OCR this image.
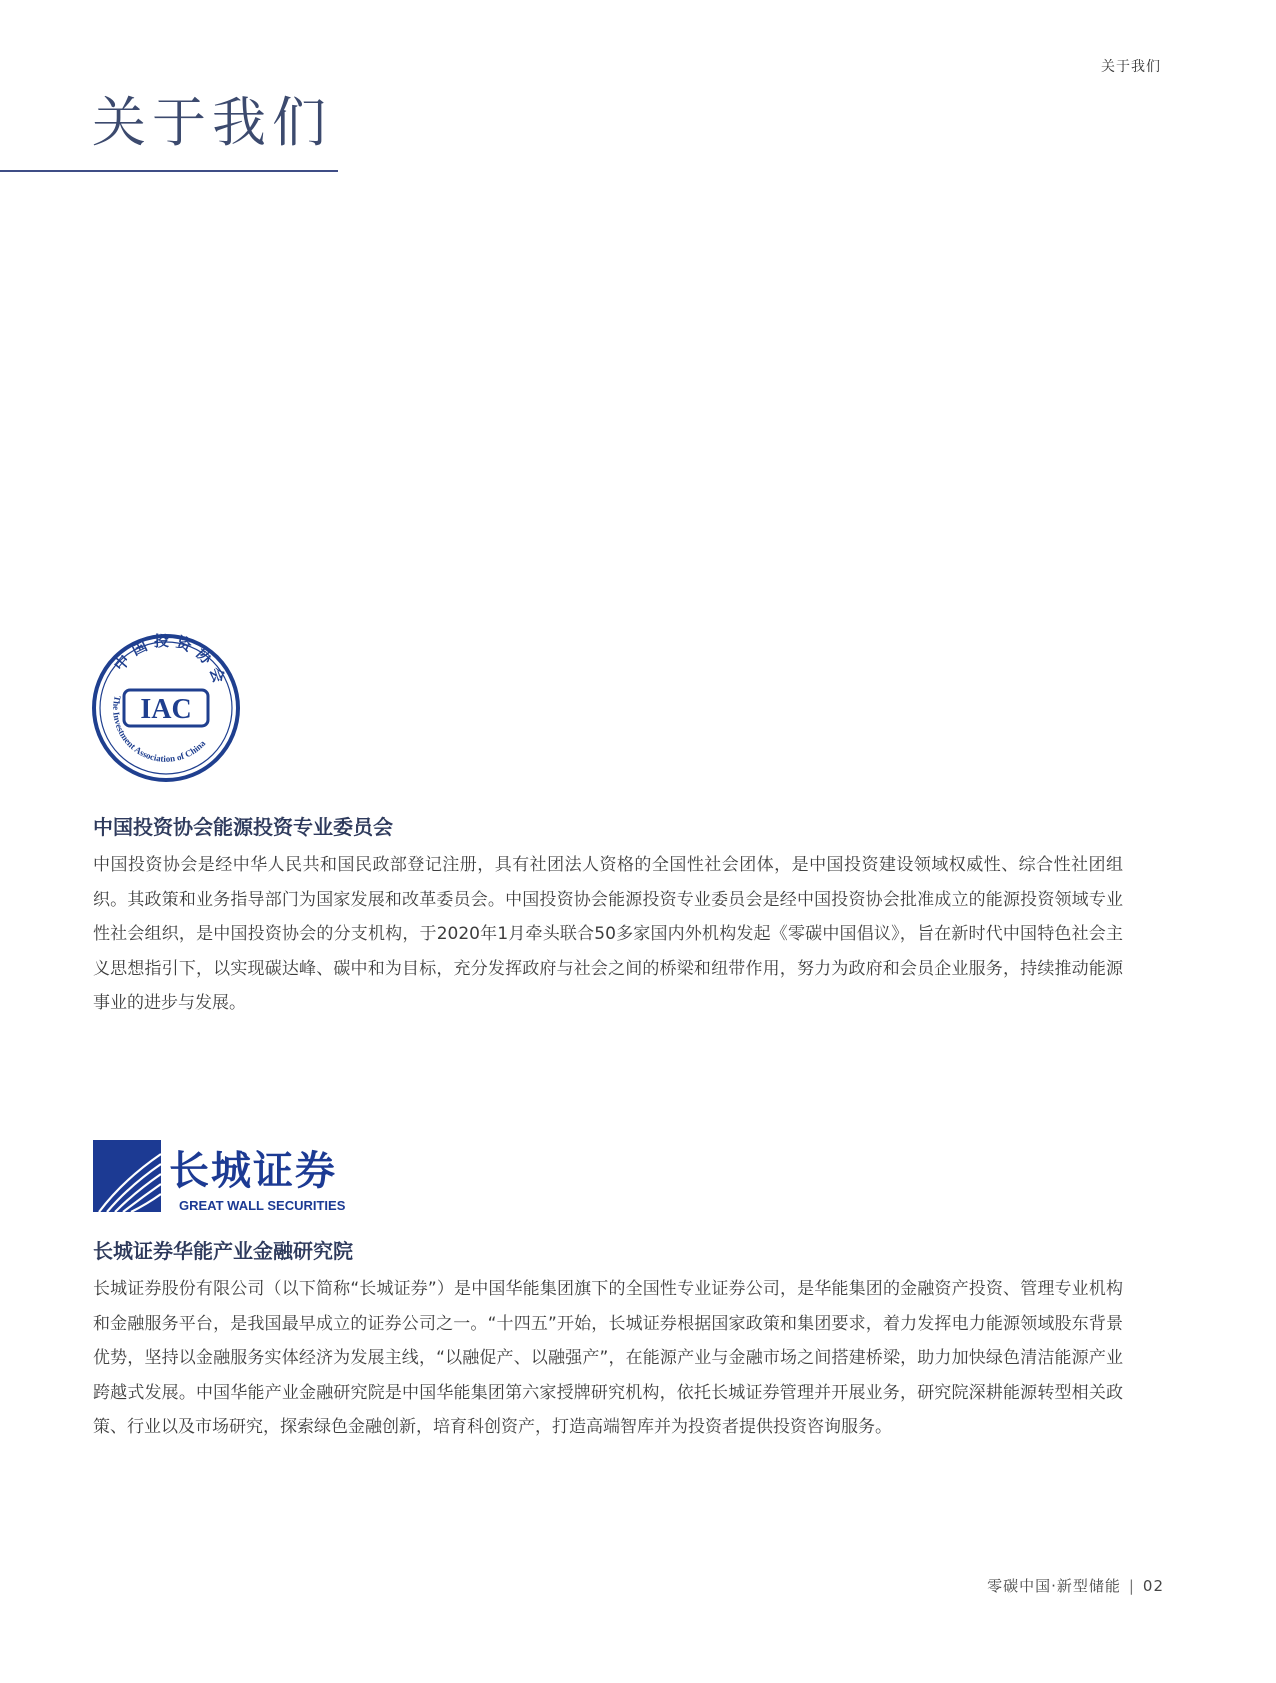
关于我们
关于我们
中国投资协会
IAC
The Investment Association of China
中国投资协会能源投资专业委员会

中国投资协会是经中华人民共和国民政部登记注册，具有社团法人资格的全国性社会团体，是中国投资建设领域权威性、综合性社团组织。其政策和业务指导部门为国家发展和改革委员会。中国投资协会能源投资专业委员会是经中国投资协会批准成立的能源投资领域专业性社会组织，是中国投资协会的分支机构，于2020年1月牵头联合50多家国内外机构发起《零碳中国倡议》，旨在新时代中国特色社会主义思想指引下，以实现碳达峰、碳中和为目标，充分发挥政府与社会之间的桥梁和纽带作用，努力为政府和会员企业服务，持续推动能源事业的进步与发展。

长城证券
GREAT WALL SECURITIES
长城证券华能产业金融研究院

长城证券股份有限公司（以下简称“长城证券”）是中国华能集团旗下的全国性专业证券公司，是华能集团的金融资产投资、管理专业机构和金融服务平台，是我国最早成立的证券公司之一。“十四五”开始，长城证券根据国家政策和集团要求，着力发挥电力能源领域股东背景优势，坚持以金融服务实体经济为发展主线，“以融促产、以融强产”，在能源产业与金融市场之间搭建桥梁，助力加快绿色清洁能源产业跨越式发展。中国华能产业金融研究院是中国华能集团第六家授牌研究机构，依托长城证券管理并开展业务，研究院深耕能源转型相关政策、行业以及市场研究，探索绿色金融创新，培育科创资产，打造高端智库并为投资者提供投资咨询服务。

零碳中国·新型储能 | 02
